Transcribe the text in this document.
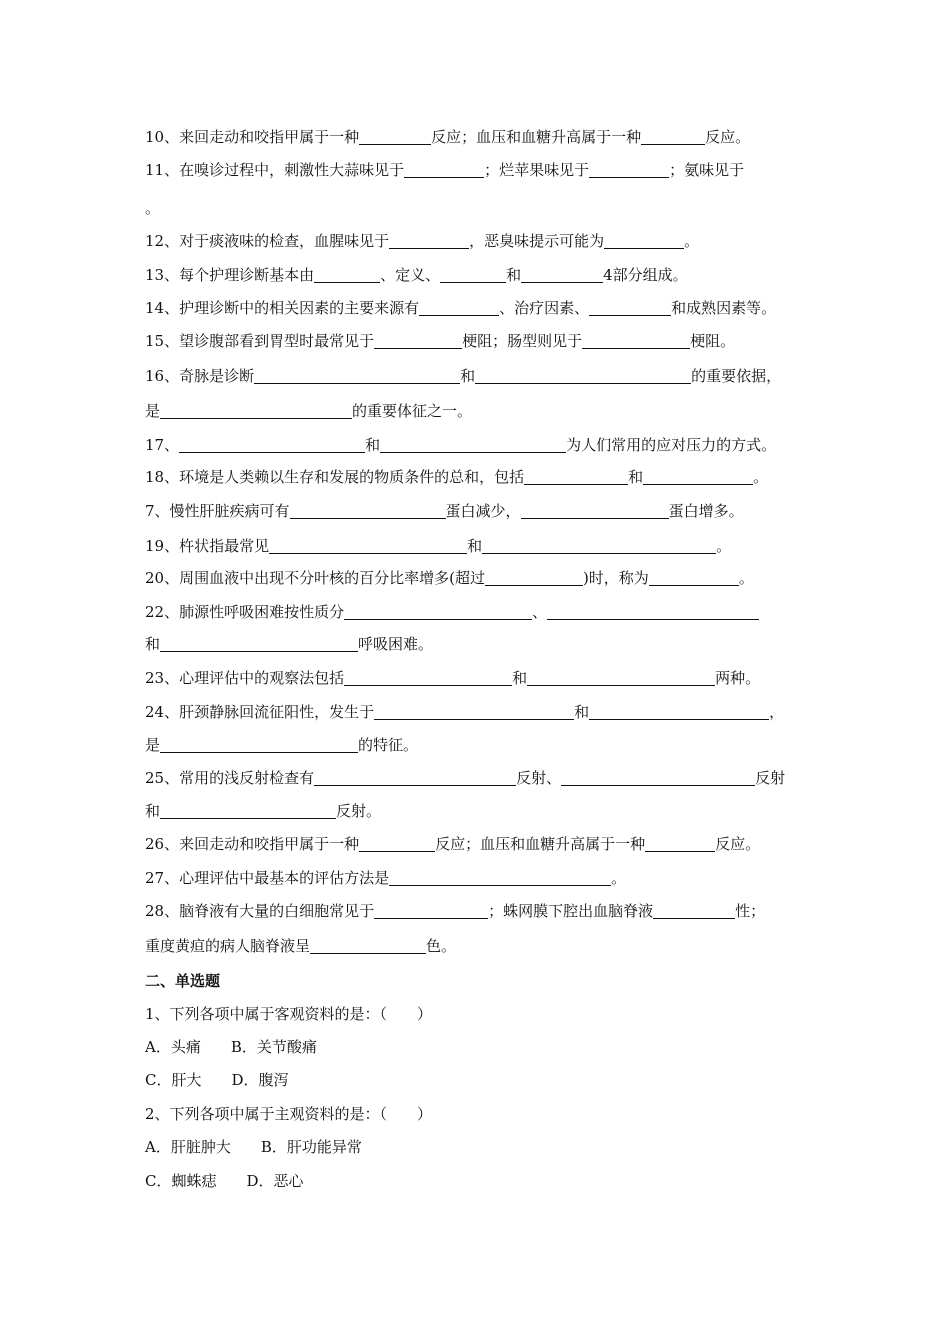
10、来回走动和咬指甲属于一种	反应；血压和血糖升高属于一种	反应。
11、在嗅诊过程中，刺激性大蒜味见于	；烂苹果味见于	；氨味见于
。
12、对于痰液味的检查，血腥味见于	，恶臭味提示可能为	。
13、每个护理诊断基本由	、定义、	和	4部分组成。
14、护理诊断中的相关因素的主要来源有	、治疗因素、	和成熟因素等。
15、望诊腹部看到胃型时最常见于	梗阻；肠型则见于	梗阻。
16、奇脉是诊断	和	的重要依据，
是	的重要体征之一。
17、	和	为人们常用的应对压力的方式。
18、环境是人类赖以生存和发展的物质条件的总和，包括	和	。
7、慢性肝脏疾病可有	蛋白减少，	蛋白增多。
19、杵状指最常见	和	。
20、周围血液中出现不分叶核的百分比率增多(超过	)时，称为	。
22、肺源性呼吸困难按性质分	、
和	呼吸困难。
23、心理评估中的观察法包括	和	两种。
24、肝颈静脉回流征阳性，发生于	和	，
是	的特征。
25、常用的浅反射检查有	反射、	反射
和	反射。
26、来回走动和咬指甲属于一种	反应；血压和血糖升高属于一种	反应。
27、心理评估中最基本的评估方法是	。
28、脑脊液有大量的白细胞常见于	；蛛网膜下腔出血脑脊液	性；
重度黄疸的病人脑脊液呈	色。
二、单选题
1、下列各项中属于客观资料的是：（　　）
A．头痛 B．关节酸痛
C．肝大 D．腹泻
2、下列各项中属于主观资料的是：（　　）
A．肝脏肿大 B．肝功能异常
C．蜘蛛痣 D．恶心
